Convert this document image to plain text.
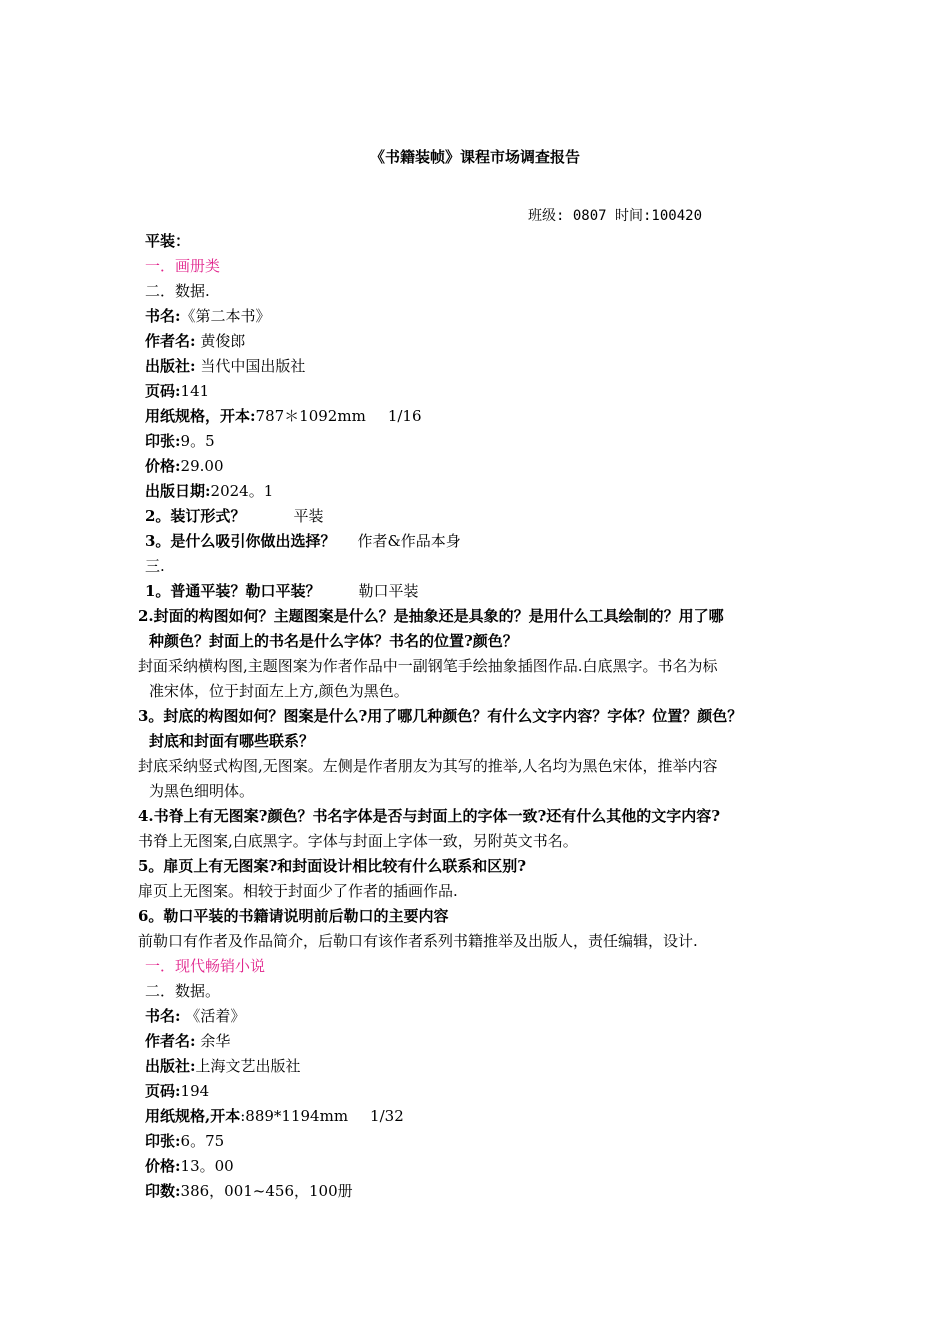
《书籍装帧》课程市场调查报告
班级: 0807 时间:100420
平装：
一．画册类
二．数据.
书名:《第二本书》
作者名: 黄俊郎
出版社: 当代中国出版社
页码:141
用纸规格，开本:787＊1092mm 1/16
印张:9。5
价格:29.00
出版日期:2024。1
2。装订形式？	平装
3。是什么吸引你做出选择？ 作者&作品本身
三.
1。普通平装？勒口平装？	勒口平装
2.封面的构图如何？主题图案是什么？是抽象还是具象的？是用什么工具绘制的？用了哪
种颜色？封面上的书名是什么字体？书名的位置?颜色？
封面采纳横构图,主题图案为作者作品中一副钢笔手绘抽象插图作品.白底黑字。书名为标
准宋体，位于封面左上方,颜色为黑色。
3。封底的构图如何？图案是什么?用了哪几种颜色？有什么文字内容？字体？位置？颜色？
封底和封面有哪些联系？
封底采纳竖式构图,无图案。左侧是作者朋友为其写的推举,人名均为黑色宋体，推举内容
为黑色细明体。
4.书脊上有无图案?颜色？书名字体是否与封面上的字体一致?还有什么其他的文字内容?
书脊上无图案,白底黑字。字体与封面上字体一致，另附英文书名。
5。扉页上有无图案?和封面设计相比较有什么联系和区别?
扉页上无图案。相较于封面少了作者的插画作品.
6。勒口平装的书籍请说明前后勒口的主要内容
前勒口有作者及作品简介，后勒口有该作者系列书籍推举及出版人，责任编辑，设计.
一．现代畅销小说
二．数据。
书名: 《活着》
作者名: 余华
出版社:上海文艺出版社
页码:194
用纸规格,开本:889*1194mm 1/32
印张:6。75
价格:13。00
印数:386，001~456，100册
